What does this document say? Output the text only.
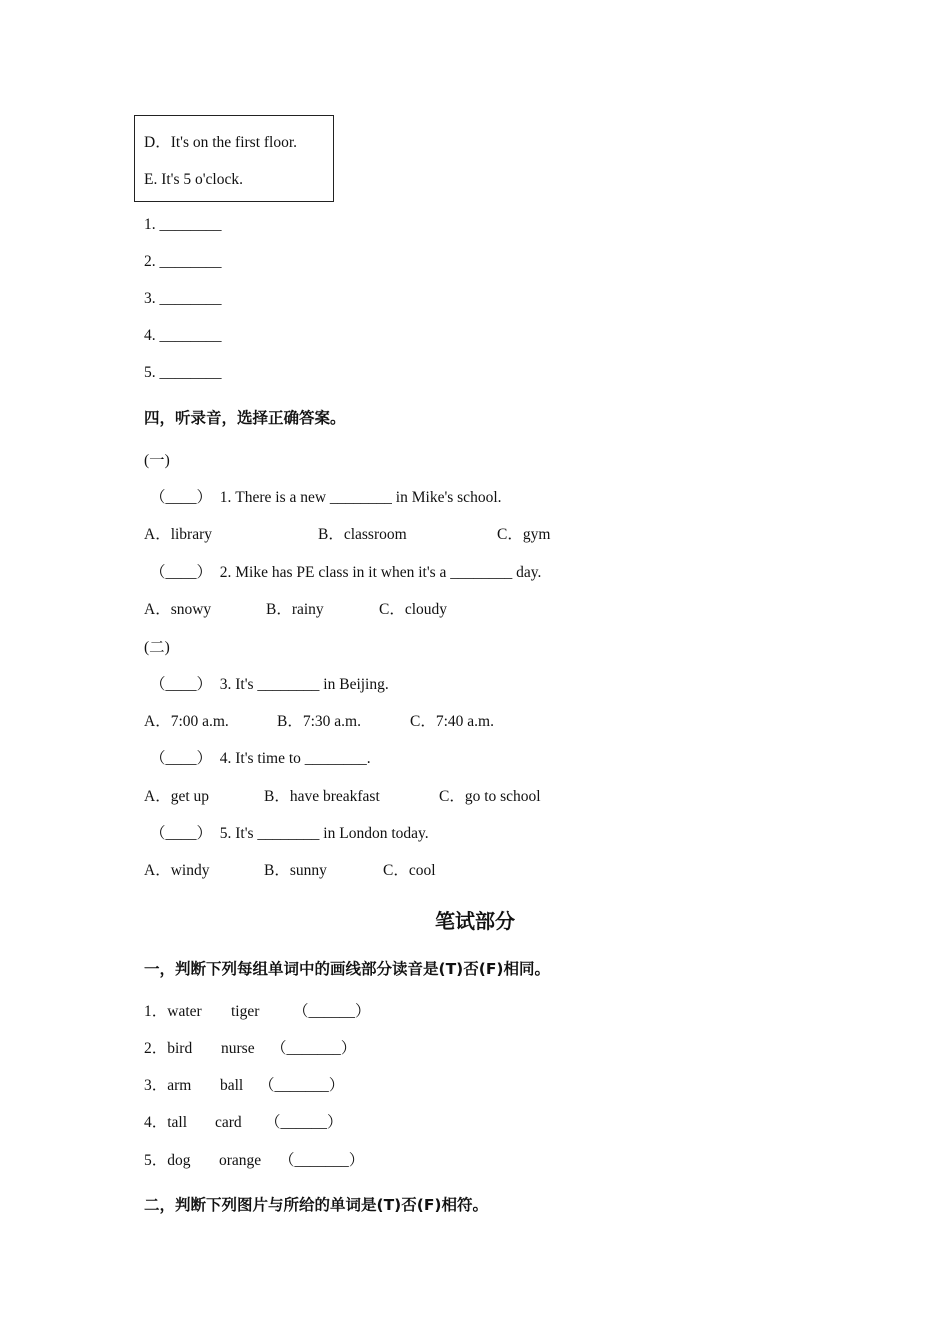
D．It's on the first floor.
E. It's 5 o'clock.
1. ________
2. ________
3. ________
4. ________
5. ________
四，听录音，选择正确答案。
(一)
（____）  1. There is a new ________ in Mike's school.
A．library	B．classroom	C．gym
（____）  2. Mike has PE class in it when it's a ________ day.
A．snowy	B．rainy	C．cloudy
(二)
（____）  3. It's ________ in Beijing.
A．7:00 a.m.	B．7:30 a.m.	C．7:40 a.m.
（____）  4. It's time to ________.
A．get up	B．have breakfast	C．go to school
（____）  5. It's ________ in London today.
A．windy	B．sunny	C．cool
笔试部分
一，判断下列每组单词中的画线部分读音是(T)否(F)相同。
1．water tiger （______）
2．bird nurse （_______）
3．arm ball （_______）
4．tall card （______）
5．dog orange （_______）
二，判断下列图片与所给的单词是(T)否(F)相符。
